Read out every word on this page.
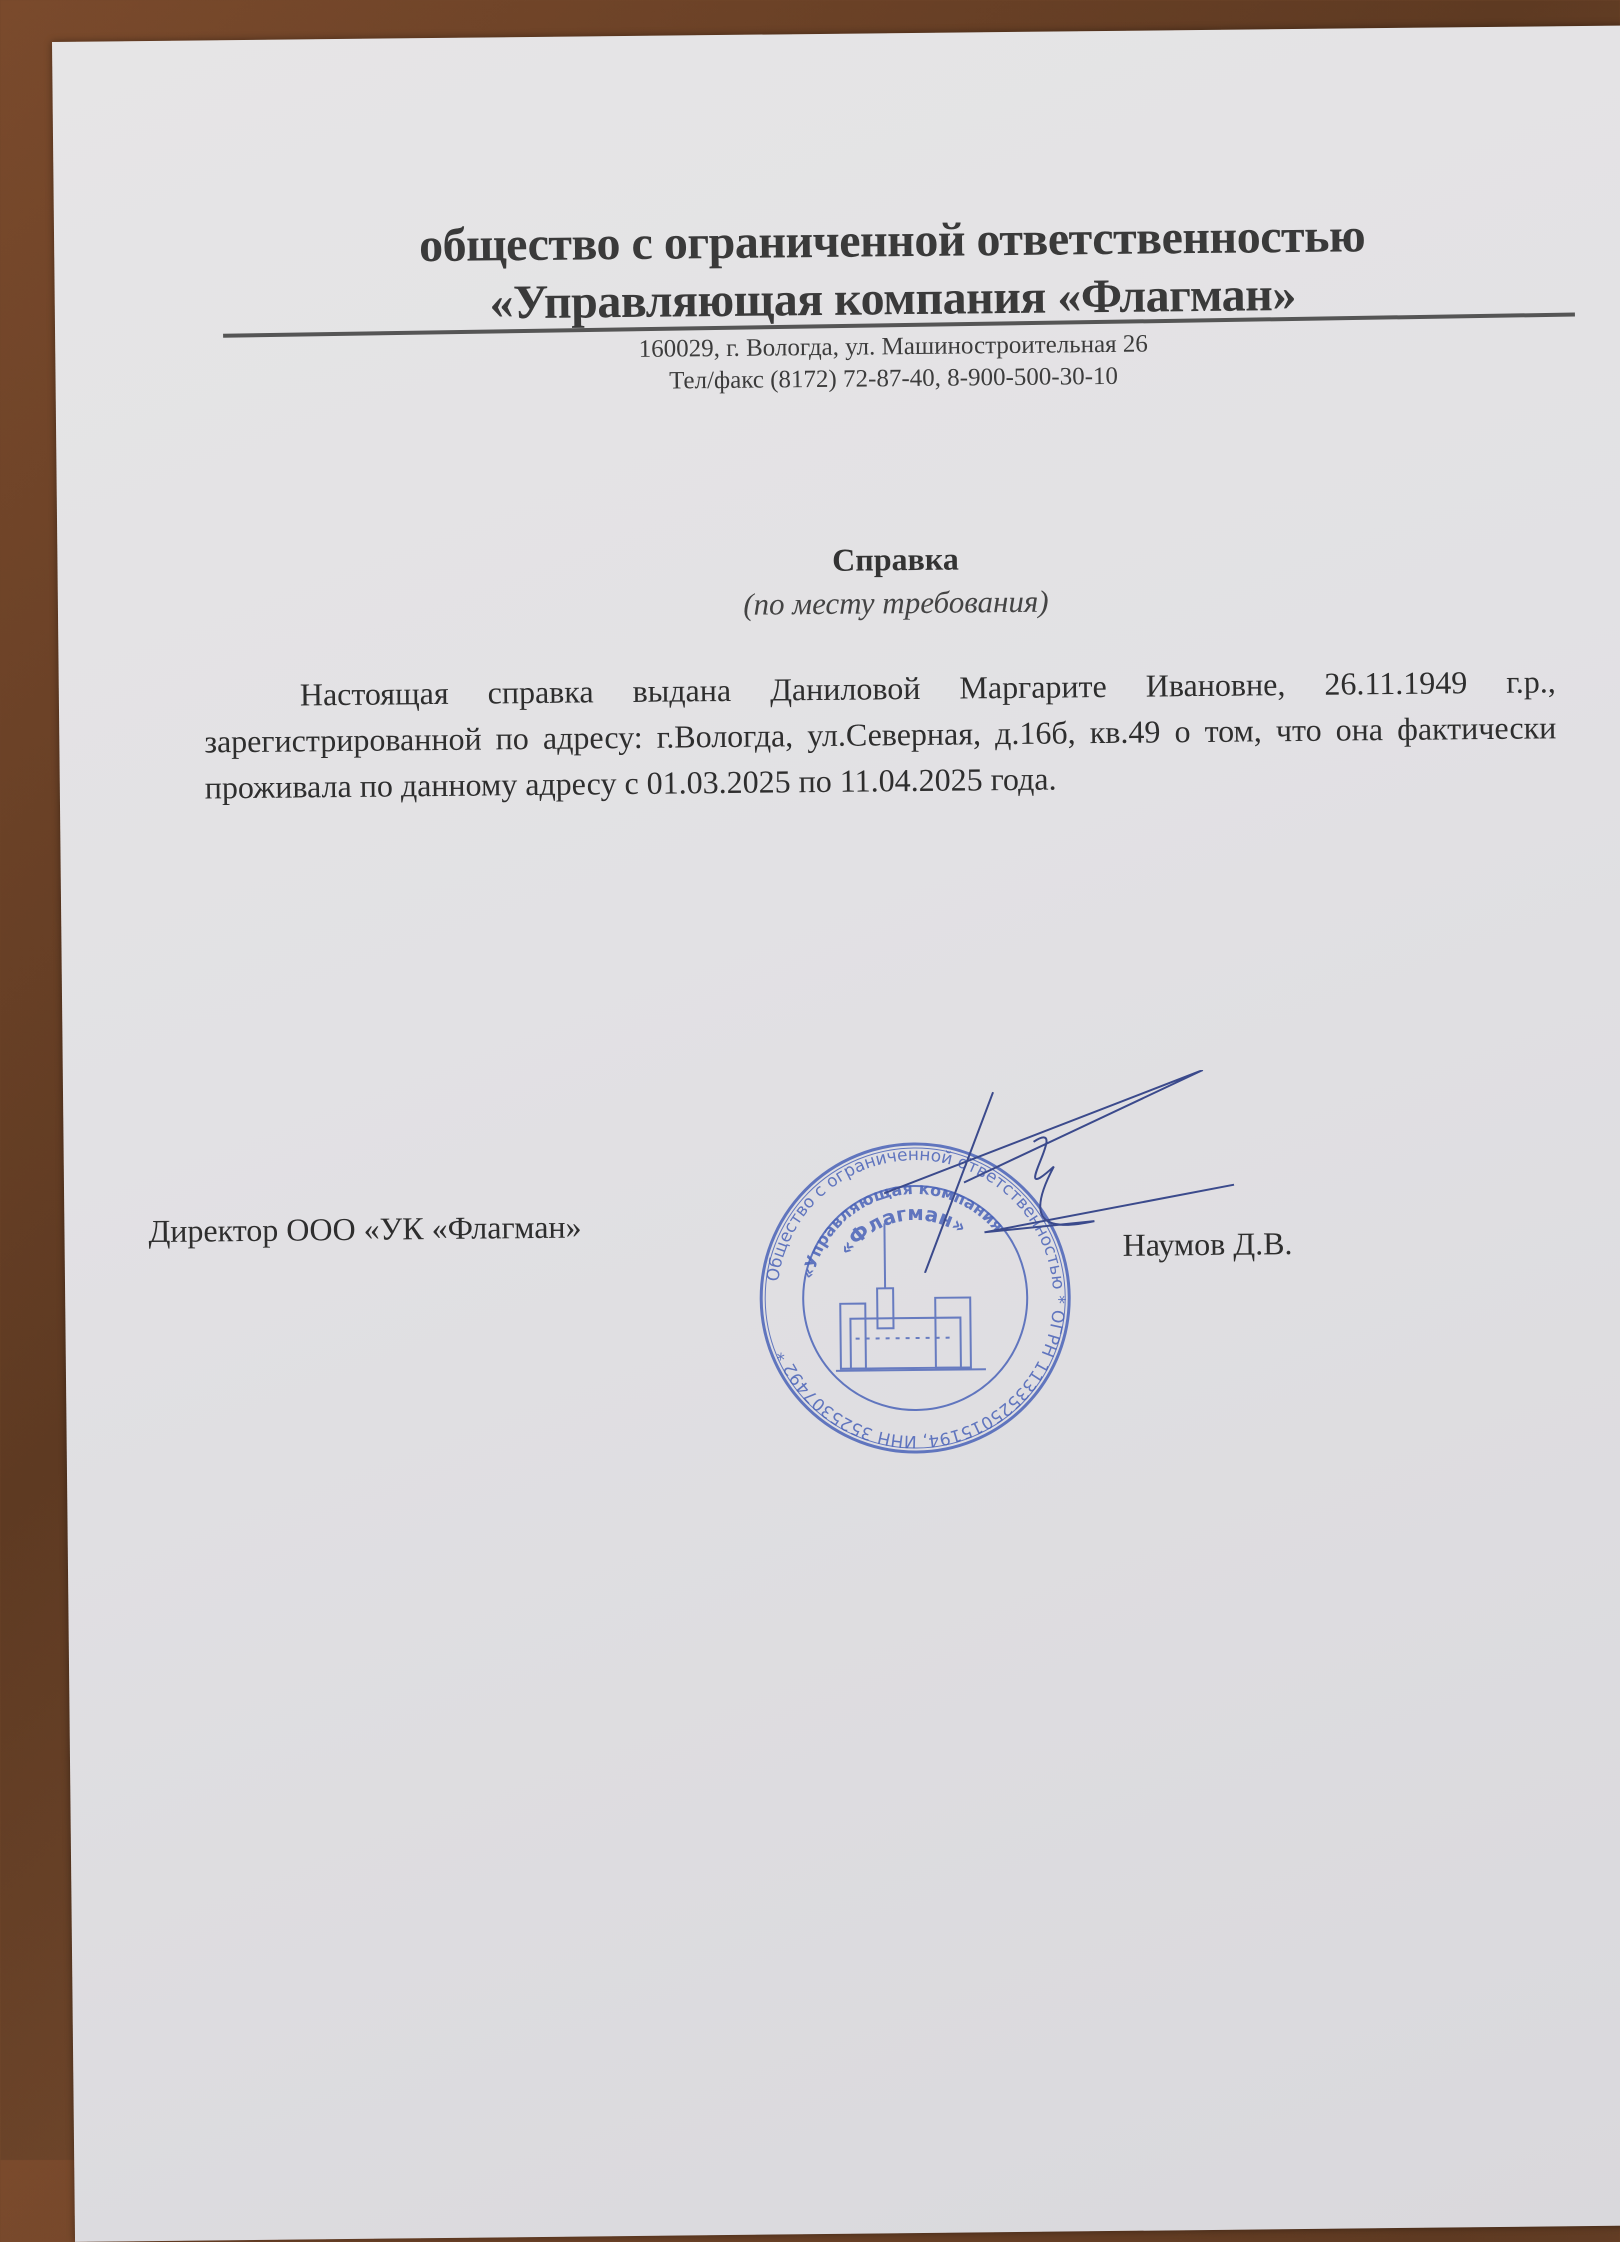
общество с ограниченной ответственностью
«Управляющая компания «Флагман»
160029, г. Вологда, ул. Машиностроительная 26
Тел/факс (8172) 72-87-40, 8-900-500-30-10
Справка
(по месту требования)
Настоящая справка выдана Даниловой Маргарите Ивановне, 26.11.1949 г.р., зарегистрированной по адресу: г.Вологда, ул.Северная, д.16б, кв.49 о том, что она фактически проживала по данному адресу с 01.03.2025 по 11.04.2025 года.
Директор ООО «УК «Флагман»	Наумов Д.В.
Общество с ограниченной ответственностью * ОГРН 1133525015194, ИНН 3525307492 *
«Управляющая компания
«Флагман»
